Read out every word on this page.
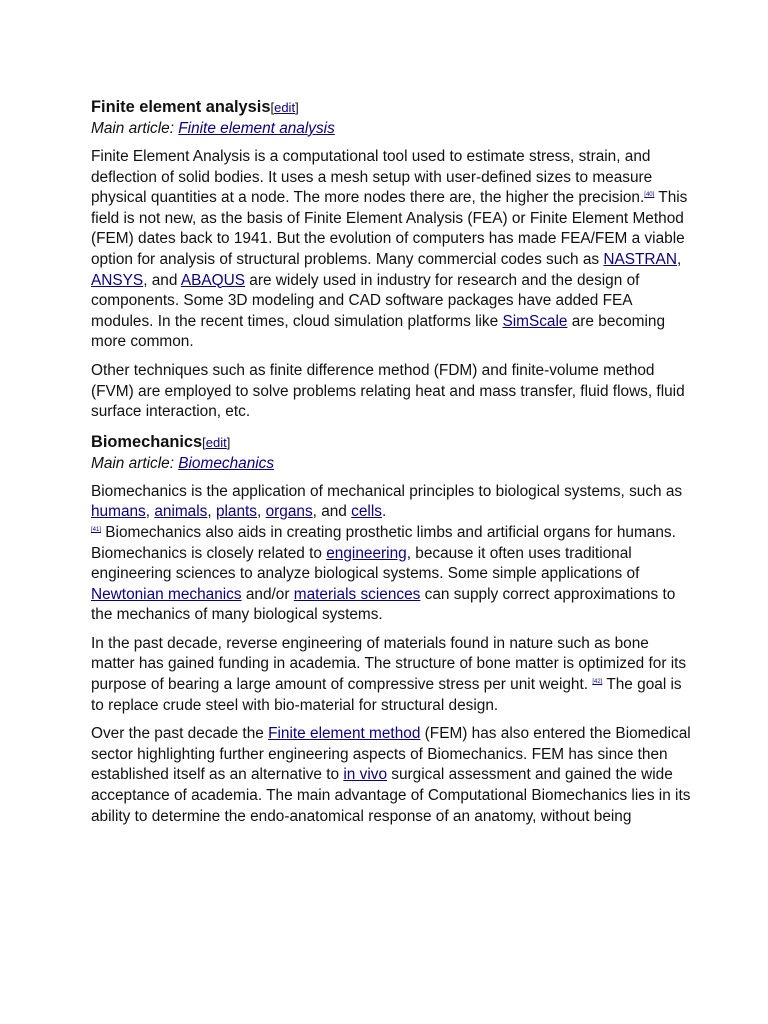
Finite element analysis[edit]
Main article: Finite element analysis

Finite Element Analysis is a computational tool used to estimate stress, strain, and deflection of solid bodies. It uses a mesh setup with user-defined sizes to measure physical quantities at a node. The more nodes there are, the higher the precision.[40] This field is not new, as the basis of Finite Element Analysis (FEA) or Finite Element Method (FEM) dates back to 1941. But the evolution of computers has made FEA/FEM a viable option for analysis of structural problems. Many commercial codes such as NASTRAN, ANSYS, and ABAQUS are widely used in industry for research and the design of components. Some 3D modeling and CAD software packages have added FEA modules. In the recent times, cloud simulation platforms like SimScale are becoming more common.

Other techniques such as finite difference method (FDM) and finite-volume method (FVM) are employed to solve problems relating heat and mass transfer, fluid flows, fluid surface interaction, etc.

Biomechanics[edit]
Main article: Biomechanics

Biomechanics is the application of mechanical principles to biological systems, such as humans, animals, plants, organs, and cells.
[41] Biomechanics also aids in creating prosthetic limbs and artificial organs for humans. Biomechanics is closely related to engineering, because it often uses traditional engineering sciences to analyze biological systems. Some simple applications of Newtonian mechanics and/or materials sciences can supply correct approximations to the mechanics of many biological systems.

In the past decade, reverse engineering of materials found in nature such as bone matter has gained funding in academia. The structure of bone matter is optimized for its purpose of bearing a large amount of compressive stress per unit weight. [42] The goal is to replace crude steel with bio-material for structural design.

Over the past decade the Finite element method (FEM) has also entered the Biomedical sector highlighting further engineering aspects of Biomechanics. FEM has since then established itself as an alternative to in vivo surgical assessment and gained the wide acceptance of academia. The main advantage of Computational Biomechanics lies in its ability to determine the endo-anatomical response of an anatomy, without being
